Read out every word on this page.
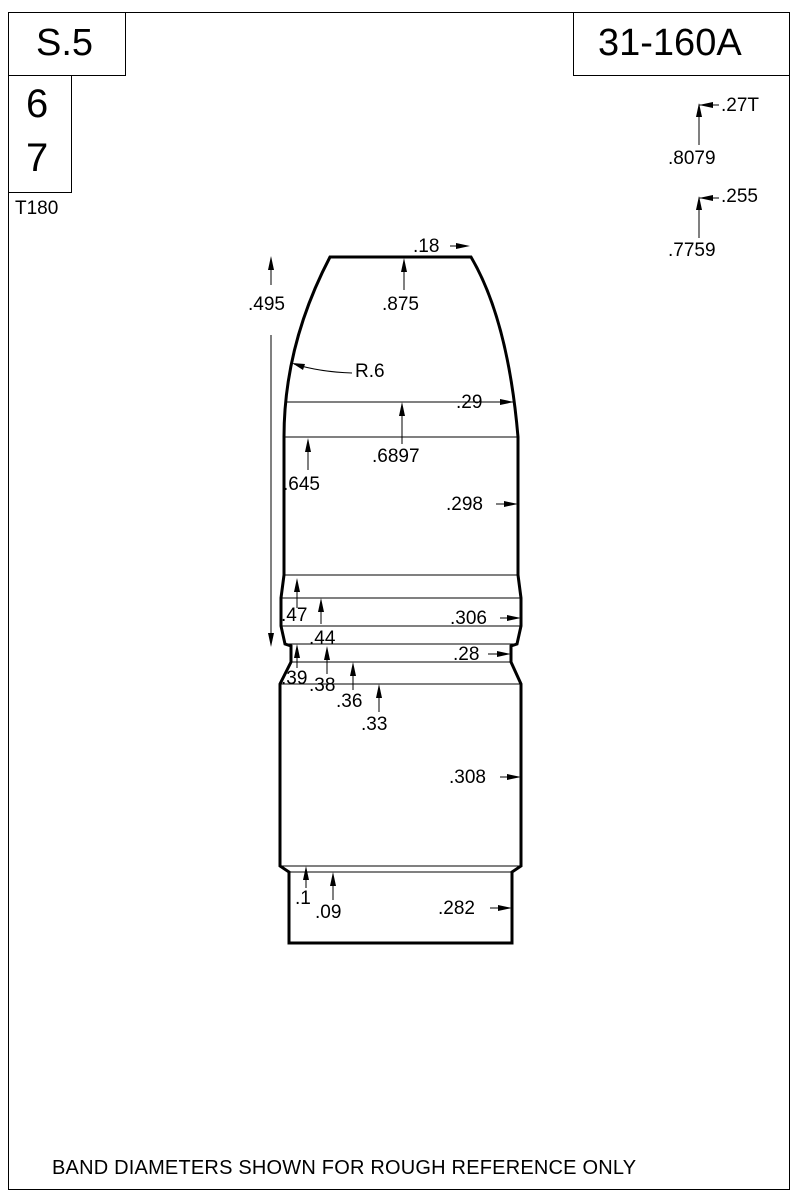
S.5	31-160A
6
7
T180
.27T
.8079
.255
.7759
.18
.495	.875
R.6
.29
.6897
.645
.298
.47
.44
.306
.28
.39 .38
.36
.33
.308
.1
.09	.282
BAND DIAMETERS SHOWN FOR ROUGH REFERENCE ONLY
